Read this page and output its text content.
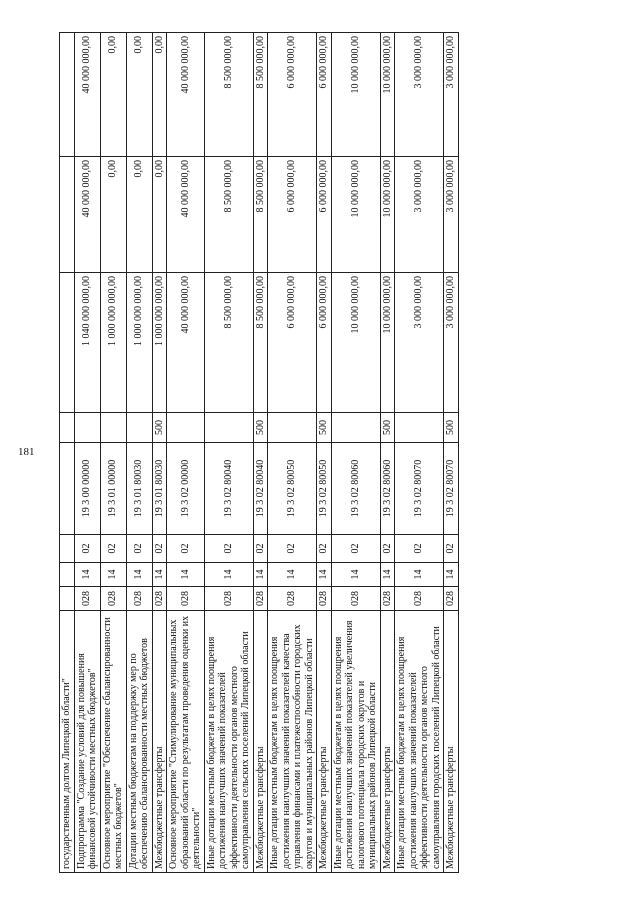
181
государственным долгом Липецкой области"								
Подпрограмма "Создание условий для повышения финансовой устойчивости местных бюджетов"	028	14	02	19 3 00 00000		1 040 000 000,00	40 000 000,00	40 000 000,00
Основное мероприятие "Обеспечение сбалансированности местных бюджетов"	028	14	02	19 3 01 00000		1 000 000 000,00	0,00	0,00
Дотации местным бюджетам на поддержку мер по обеспечению сбалансированности местных бюджетов	028	14	02	19 3 01 80030		1 000 000 000,00	0,00	0,00
Межбюджетные трансферты	028	14	02	19 3 01 80030	500	1 000 000 000,00	0,00	0,00
Основное мероприятие "Стимулирование муниципальных образований области по результатам проведения оценки их деятельности"	028	14	02	19 3 02 00000		40 000 000,00	40 000 000,00	40 000 000,00
Иные дотации местным бюджетам в целях поощрения достижения наилучших значений показателей эффективности деятельности органов местного самоуправления сельских поселений Липецкой области	028	14	02	19 3 02 80040		8 500 000,00	8 500 000,00	8 500 000,00
Межбюджетные трансферты	028	14	02	19 3 02 80040	500	8 500 000,00	8 500 000,00	8 500 000,00
Иные дотации местным бюджетам в целях поощрения достижения наилучших значений показателей качества управления финансами и платежеспособности городских округов и муниципальных районов Липецкой области	028	14	02	19 3 02 80050		6 000 000,00	6 000 000,00	6 000 000,00
Межбюджетные трансферты	028	14	02	19 3 02 80050	500	6 000 000,00	6 000 000,00	6 000 000,00
Иные дотации местным бюджетам в целях поощрения достижения наилучших значений показателей увеличения налогового потенциала городских округов и муниципальных районов Липецкой области	028	14	02	19 3 02 80060		10 000 000,00	10 000 000,00	10 000 000,00
Межбюджетные трансферты	028	14	02	19 3 02 80060	500	10 000 000,00	10 000 000,00	10 000 000,00
Иные дотации местным бюджетам в целях поощрения достижения наилучших значений показателей эффективности деятельности органов местного самоуправления городских поселений Липецкой области	028	14	02	19 3 02 80070		3 000 000,00	3 000 000,00	3 000 000,00
Межбюджетные трансферты	028	14	02	19 3 02 80070	500	3 000 000,00	3 000 000,00	3 000 000,00
